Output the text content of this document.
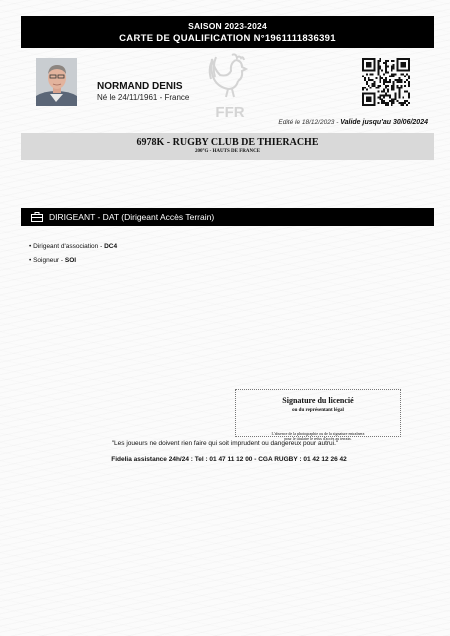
SAISON 2023-2024
CARTE DE QUALIFICATION N°1961111836391
NORMAND DENIS
Né le 24/11/1961 - France
FFR
Edité le 18/12/2023 - Valide jusqu'au 30/06/2024
6978K - RUGBY CLUB DE THIERACHE
200°G - HAUTS DE FRANCE
DIRIGEANT - DAT (Dirigeant Accès Terrain)
• Dirigeant d'association - DC4
• Soigneur - SOI
Signature du licencié
ou du représentant légal
L'absence de la photographie ou de la signature entraînera
pour le titulaire le refus d'accès au terrain.
"Les joueurs ne doivent rien faire qui soit imprudent ou dangereux pour autrui."
Fidelia assistance 24h/24 : Tel : 01 47 11 12 00 - CGA RUGBY : 01 42 12 26 42
